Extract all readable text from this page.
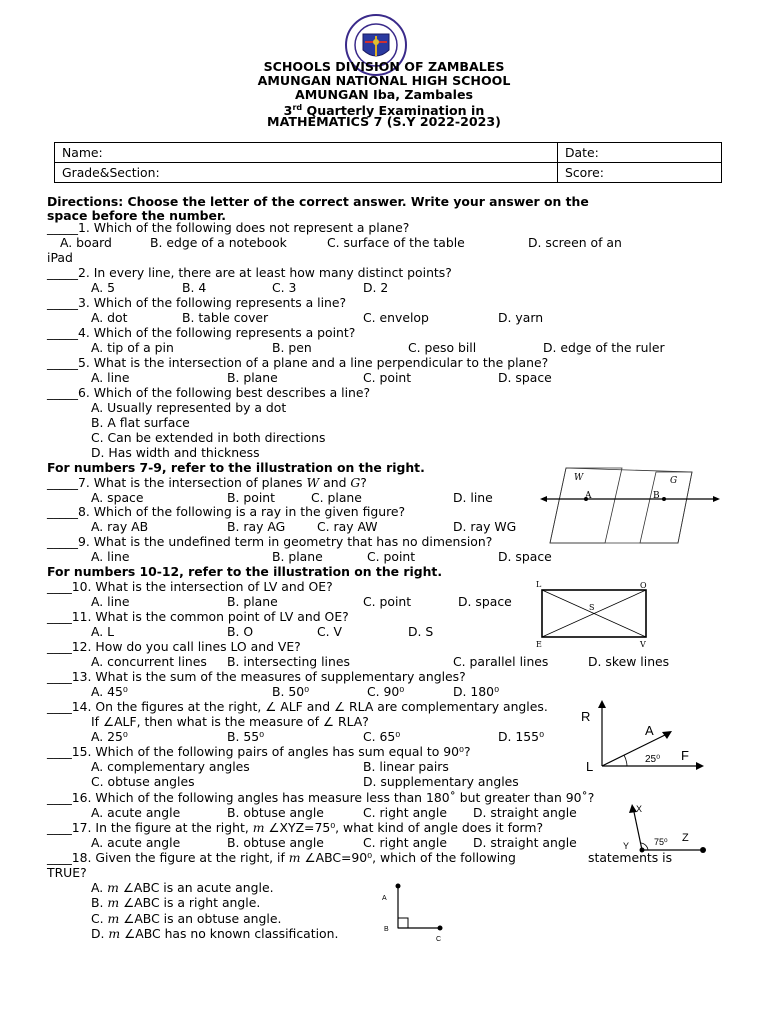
SCHOOLS DIVISION OF ZAMBALES
AMUNGAN NATIONAL HIGH SCHOOL
AMUNGAN Iba, Zambales
3rd Quarterly Examination in
MATHEMATICS 7 (S.Y 2022-2023)
Name:	Date:
Grade&Section:	Score:
Directions: Choose the letter of the correct answer. Write your answer on the
space before the number.
_____1. Which of the following does not represent a plane?
A. board	B. edge of a notebook	C. surface of the table	D. screen of an
iPad
_____2. In every line, there are at least how many distinct points?
A. 5	B. 4	C. 3	D. 2
_____3. Which of the following represents a line?
A. dot	B. table cover	C. envelop	D. yarn
_____4. Which of the following represents a point?
A. tip of a pin	B. pen	C. peso bill	D. edge of the ruler
_____5. What is the intersection of a plane and a line perpendicular to the plane?
A. line	B. plane	C. point	D. space
_____6. Which of the following best describes a line?
A. Usually represented by a dot
B. A flat surface
C. Can be extended in both directions
D. Has width and thickness
For numbers 7-9, refer to the illustration on the right.
_____7. What is the intersection of planes W and G?
A. space	B. point	C. plane	D. line
_____8. Which of the following is a ray in the given figure?
A. ray AB	B. ray AG	C. ray AW	D. ray WG
_____9. What is the undefined term in geometry that has no dimension?
A. line	B. plane	C. point	D. space
W	G
A	B
For numbers 10-12, refer to the illustration on the right.
____10. What is the intersection of LV and OE?
A. line	B. plane	C. point	D. space
____11. What is the common point of LV and OE?
A. L	B. O	C. V	D. S
____12. How do you call lines LO and VE?
A. concurrent lines B. intersecting lines	C. parallel lines	D. skew lines
L	O
S
E	V
____13. What is the sum of the measures of supplementary angles?
A. 45⁰	B. 50⁰	C. 90⁰	D. 180⁰
____14. On the figures at the right, ∠ ALF and ∠ RLA are complementary angles.
If ∠ALF, then what is the measure of ∠ RLA?
A. 25⁰	B. 55⁰	C. 65⁰	D. 155⁰
____15. Which of the following pairs of angles has sum equal to 90⁰?
A. complementary angles	B. linear pairs
C. obtuse angles	D. supplementary angles
R
A
F
L	25⁰
____16. Which of the following angles has measure less than 180˚ but greater than 90˚?
A. acute angle	B. obtuse angle	C. right angle D. straight angle
____17. In the figure at the right, m ∠XYZ=75⁰, what kind of angle does it form?
A. acute angle	B. obtuse angle	C. right angle D. straight angle
X
Y
Z
75⁰
____18. Given the figure at the right, if m ∠ABC=90⁰, which of the following	statements is
TRUE?
A. m ∠ABC is an acute angle.
B. m ∠ABC is a right angle.
C. m ∠ABC is an obtuse angle.
D. m ∠ABC has no known classification.
A
B
C
